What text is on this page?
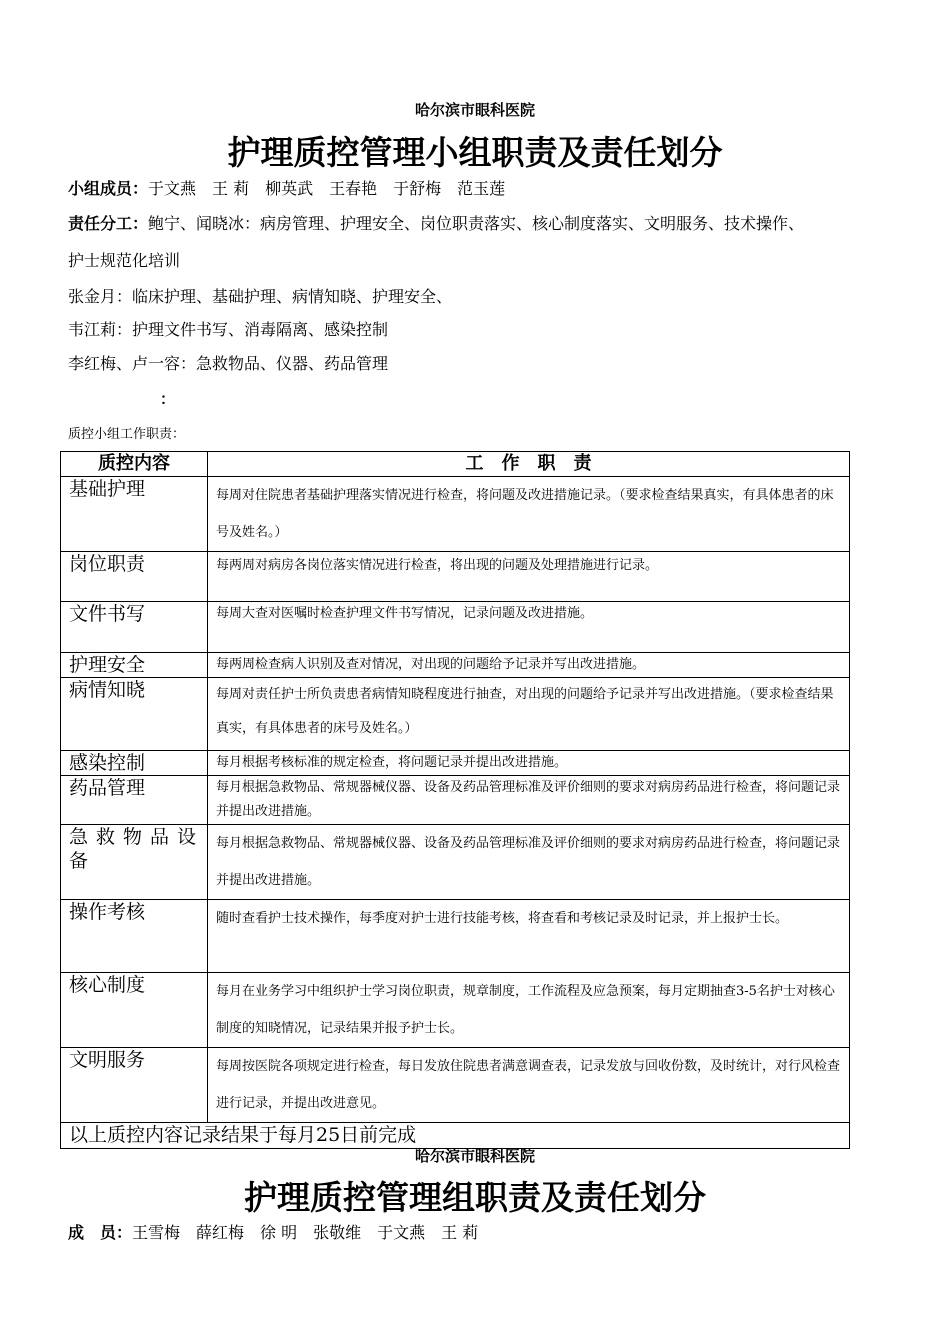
哈尔滨市眼科医院
护理质控管理小组职责及责任划分
小组成员：于文燕　王 莉　柳英武　王春艳　于舒梅　范玉莲
责任分工：鲍宁、闻晓冰：病房管理、护理安全、岗位职责落实、核心制度落实、文明服务、技术操作、
护士规范化培训
张金月：临床护理、基础护理、病情知晓、护理安全、
韦江莉：护理文件书写、消毒隔离、感染控制
李红梅、卢一容：急救物品、仪器、药品管理
：
质控小组工作职责：
质控内容	工　作　职　责
基础护理	每周对住院患者基础护理落实情况进行检查，将问题及改进措施记录。（要求检查结果真实，有具体患者的床号及姓名。）
岗位职责	每两周对病房各岗位落实情况进行检查，将出现的问题及处理措施进行记录。
文件书写	每周大查对医嘱时检查护理文件书写情况，记录问题及改进措施。
护理安全	每两周检查病人识别及查对情况，对出现的问题给予记录并写出改进措施。
病情知晓	每周对责任护士所负责患者病情知晓程度进行抽查，对出现的问题给予记录并写出改进措施。（要求检查结果真实，有具体患者的床号及姓名。）
感染控制	每月根据考核标准的规定检查，将问题记录并提出改进措施。
药品管理	每月根据急救物品、常规器械仪器、设备及药品管理标准及评价细则的要求对病房药品进行检查，将问题记录并提出改进措施。
急救物品设备	每月根据急救物品、常规器械仪器、设备及药品管理标准及评价细则的要求对病房药品进行检查，将问题记录并提出改进措施。
操作考核	随时查看护士技术操作，每季度对护士进行技能考核，将查看和考核记录及时记录，并上报护士长。
核心制度	每月在业务学习中组织护士学习岗位职责，规章制度，工作流程及应急预案，每月定期抽查3-5名护士对核心制度的知晓情况，记录结果并报予护士长。
文明服务	每周按医院各项规定进行检查，每日发放住院患者满意调查表，记录发放与回收份数，及时统计，对行风检查进行记录，并提出改进意见。
以上质控内容记录结果于每月25日前完成	
哈尔滨市眼科医院
护理质控管理组职责及责任划分
成　员：王雪梅　薛红梅　徐 明　张敬维　于文燕　王 莉
